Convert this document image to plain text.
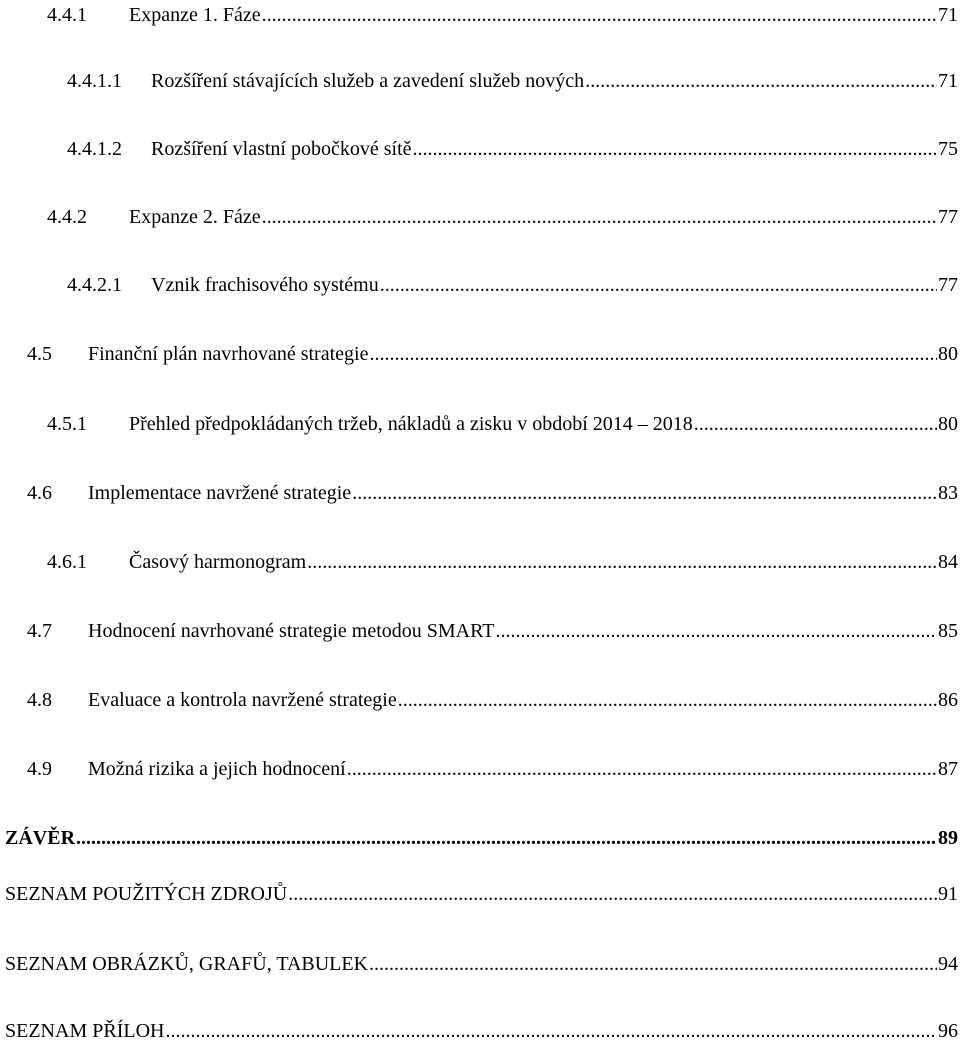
4.4.1	Expanze 1. Fáze .....	71
4.4.1.1	Rozšíření stávajících služeb a zavedení služeb nových .....	71
4.4.1.2	Rozšíření vlastní pobočkové sítě .....	75
4.4.2	Expanze 2. Fáze .....	77
4.4.2.1	Vznik frachisového systému .....	77
4.5	Finanční plán navrhované strategie .....	80
4.5.1	Přehled předpokládaných tržeb, nákladů a zisku v období 2014 – 2018 .....	80
4.6	Implementace navržené strategie .....	83
4.6.1	Časový harmonogram .....	84
4.7	Hodnocení navrhované strategie metodou SMART .....	85
4.8	Evaluace a kontrola navržené strategie .....	86
4.9	Možná rizika a jejich hodnocení .....	87
ZÁVĚR .....	89
SEZNAM POUŽITÝCH ZDROJŮ .....	91
SEZNAM OBRÁZKŮ, GRAFŮ, TABULEK .....	94
SEZNAM PŘÍLOH .....	96
